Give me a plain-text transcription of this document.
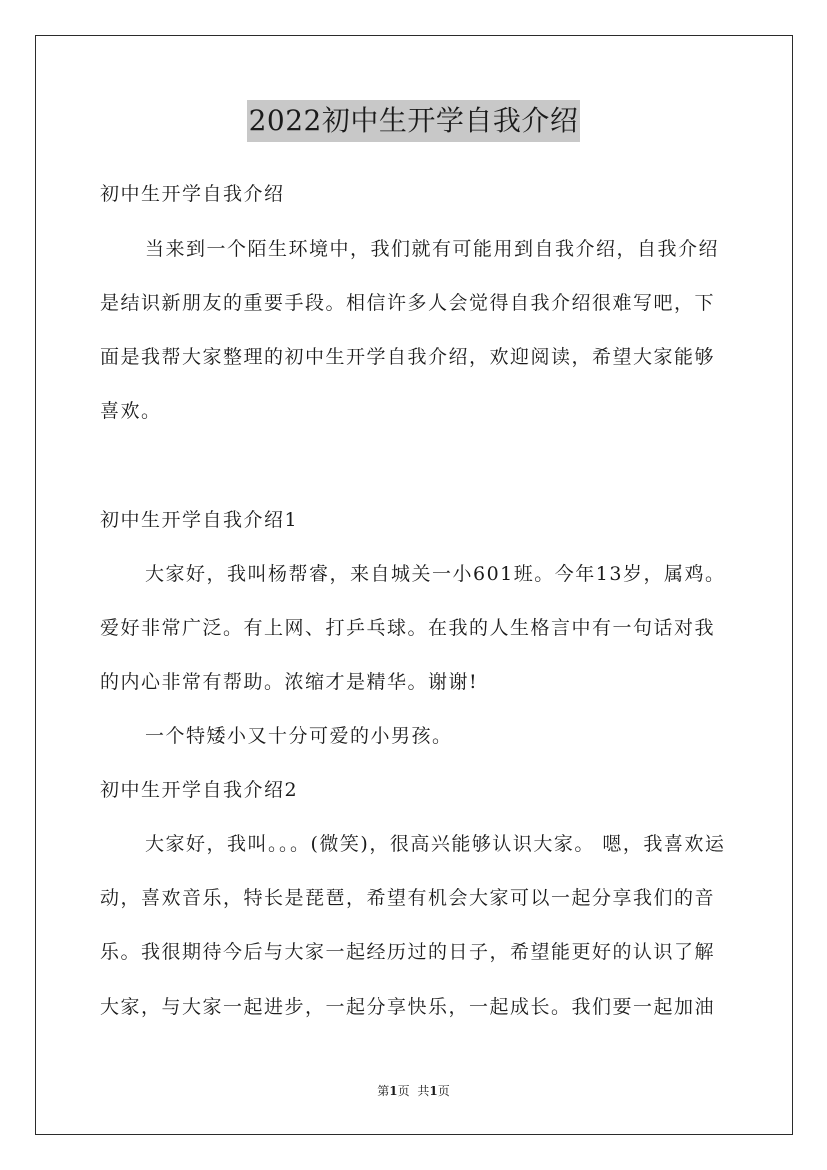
2022初中生开学自我介绍
初中生开学自我介绍
当来到一个陌生环境中，我们就有可能用到自我介绍，自我介绍
是结识新朋友的重要手段。相信许多人会觉得自我介绍很难写吧，下
面是我帮大家整理的初中生开学自我介绍，欢迎阅读，希望大家能够
喜欢。
初中生开学自我介绍1
大家好，我叫杨帮睿，来自城关一小601班。今年13岁，属鸡。
爱好非常广泛。有上网、打乒乓球。在我的人生格言中有一句话对我
的内心非常有帮助。浓缩才是精华。谢谢!
一个特矮小又十分可爱的小男孩。
初中生开学自我介绍2
大家好，我叫。。。(微笑)，很高兴能够认识大家。 嗯，我喜欢运
动，喜欢音乐，特长是琵琶，希望有机会大家可以一起分享我们的音
乐。我很期待今后与大家一起经历过的日子，希望能更好的认识了解
大家，与大家一起进步，一起分享快乐，一起成长。我们要一起加油
第1页 共1页
